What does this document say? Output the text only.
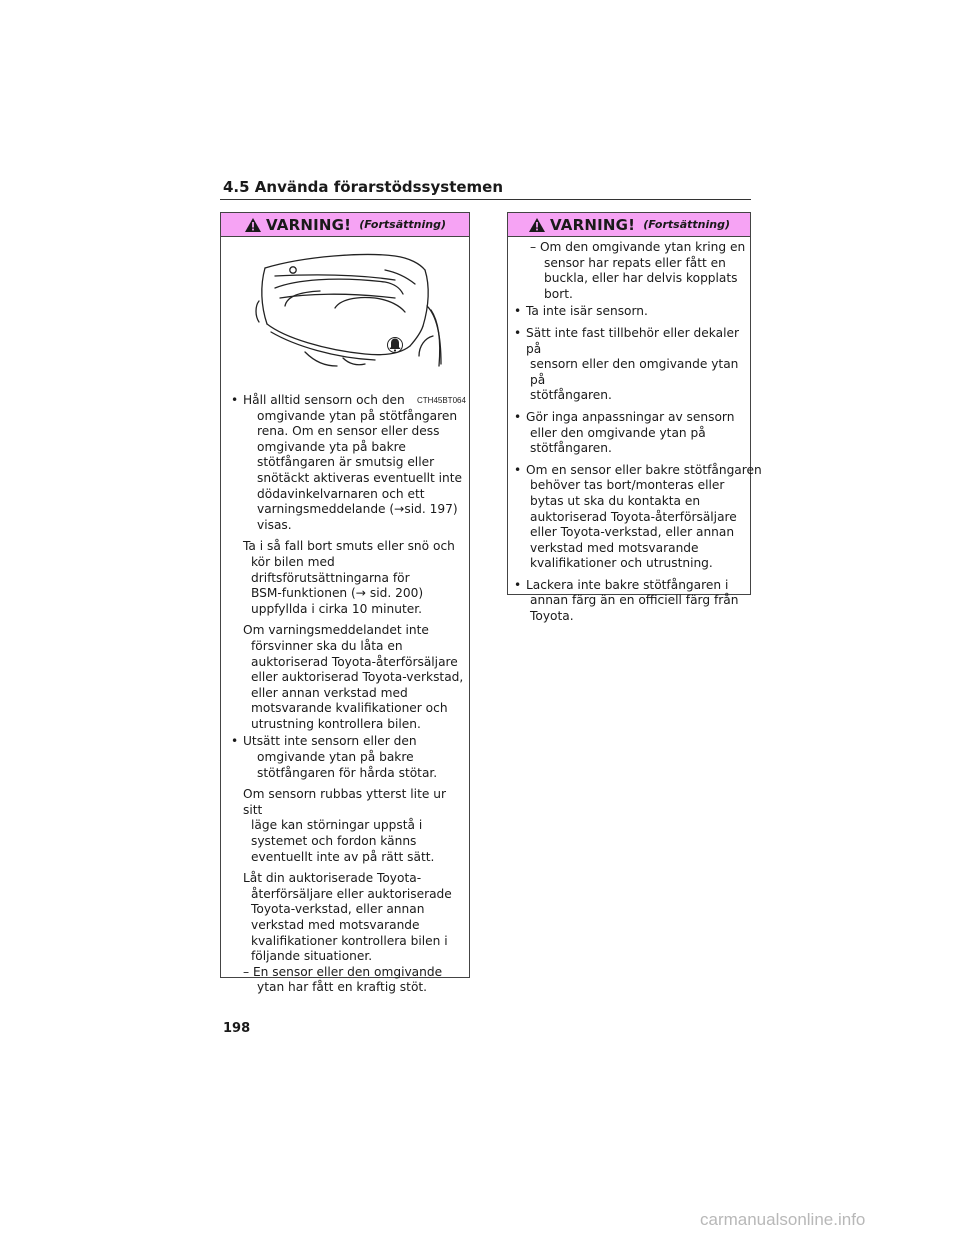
4.5 Använda förarstödssystemen
VARNING! (Fortsättning)
CTH45BT064
• Håll alltid sensorn och den
omgivande ytan på stötfångaren
rena. Om en sensor eller dess
omgivande yta på bakre
stötfångaren är smutsig eller
snötäckt aktiveras eventuellt inte
dödavinkelvarnaren och ett
varningsmeddelande (→sid. 197)
visas.
Ta i så fall bort smuts eller snö och
kör bilen med
driftsförutsättningarna för
BSM-funktionen (→ sid. 200)
uppfyllda i cirka 10 minuter.
Om varningsmeddelandet inte
försvinner ska du låta en
auktoriserad Toyota-återförsäljare
eller auktoriserad Toyota-verkstad,
eller annan verkstad med
motsvarande kvalifikationer och
utrustning kontrollera bilen.
• Utsätt inte sensorn eller den
omgivande ytan på bakre
stötfångaren för hårda stötar.
Om sensorn rubbas ytterst lite ur sitt
läge kan störningar uppstå i
systemet och fordon känns
eventuellt inte av på rätt sätt.
Låt din auktoriserade Toyota-
återförsäljare eller auktoriserade
Toyota-verkstad, eller annan
verkstad med motsvarande
kvalifikationer kontrollera bilen i
följande situationer.
– En sensor eller den omgivande
ytan har fått en kraftig stöt.
VARNING! (Fortsättning)
– Om den omgivande ytan kring en
sensor har repats eller fått en
buckla, eller har delvis kopplats
bort.
• Ta inte isär sensorn.
• Sätt inte fast tillbehör eller dekaler på
sensorn eller den omgivande ytan på
stötfångaren.
• Gör inga anpassningar av sensorn
eller den omgivande ytan på
stötfångaren.
• Om en sensor eller bakre stötfångaren
behöver tas bort/monteras eller
bytas ut ska du kontakta en
auktoriserad Toyota-återförsäljare
eller Toyota-verkstad, eller annan
verkstad med motsvarande
kvalifikationer och utrustning.
• Lackera inte bakre stötfångaren i
annan färg än en officiell färg från
Toyota.
198
carmanualsonline.info
